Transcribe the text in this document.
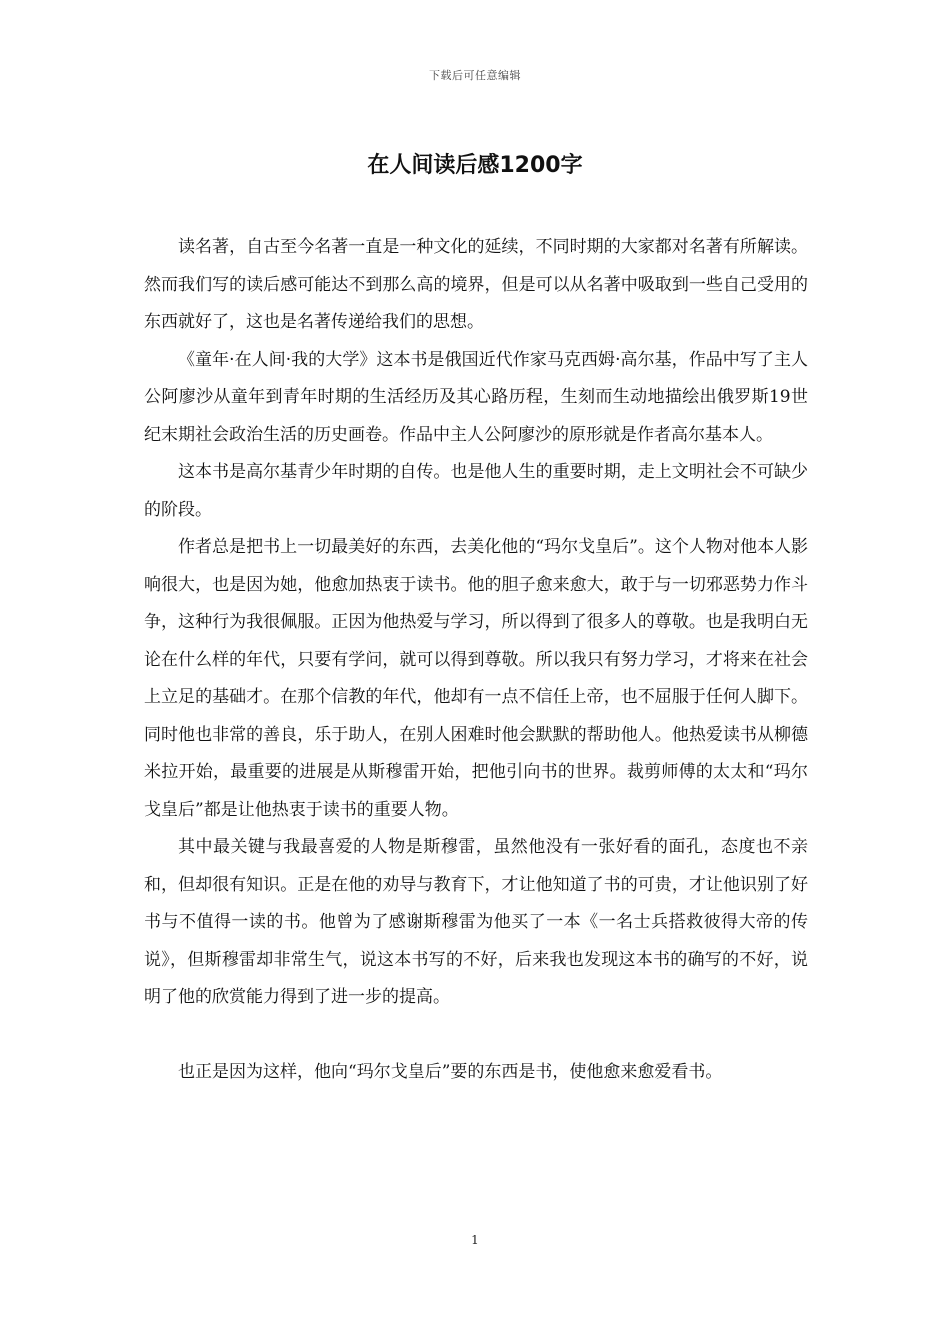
下载后可任意编辑
在人间读后感1200字

读名著，自古至今名著一直是一种文化的延续，不同时期的大家都对名著有所解读。然而我们写的读后感可能达不到那么高的境界，但是可以从名著中吸取到一些自己受用的东西就好了，这也是名著传递给我们的思想。

《童年·在人间·我的大学》这本书是俄国近代作家马克西姆·高尔基，作品中写了主人公阿廖沙从童年到青年时期的生活经历及其心路历程，生刻而生动地描绘出俄罗斯19世纪末期社会政治生活的历史画卷。作品中主人公阿廖沙的原形就是作者高尔基本人。

这本书是高尔基青少年时期的自传。也是他人生的重要时期，走上文明社会不可缺少的阶段。

作者总是把书上一切最美好的东西，去美化他的“玛尔戈皇后”。这个人物对他本人影响很大，也是因为她，他愈加热衷于读书。他的胆子愈来愈大，敢于与一切邪恶势力作斗争，这种行为我很佩服。正因为他热爱与学习，所以得到了很多人的尊敬。也是我明白无论在什么样的年代，只要有学问，就可以得到尊敬。所以我只有努力学习，才将来在社会上立足的基础才。在那个信教的年代，他却有一点不信任上帝，也不屈服于任何人脚下。同时他也非常的善良，乐于助人，在别人困难时他会默默的帮助他人。他热爱读书从柳德米拉开始，最重要的进展是从斯穆雷开始，把他引向书的世界。裁剪师傅的太太和“玛尔戈皇后”都是让他热衷于读书的重要人物。

其中最关键与我最喜爱的人物是斯穆雷，虽然他没有一张好看的面孔，态度也不亲和，但却很有知识。正是在他的劝导与教育下，才让他知道了书的可贵，才让他识别了好书与不值得一读的书。他曾为了感谢斯穆雷为他买了一本《一名士兵搭救彼得大帝的传说》，但斯穆雷却非常生气，说这本书写的不好，后来我也发现这本书的确写的不好，说明了他的欣赏能力得到了进一步的提高。

也正是因为这样，他向“玛尔戈皇后”要的东西是书，使他愈来愈爱看书。

1
